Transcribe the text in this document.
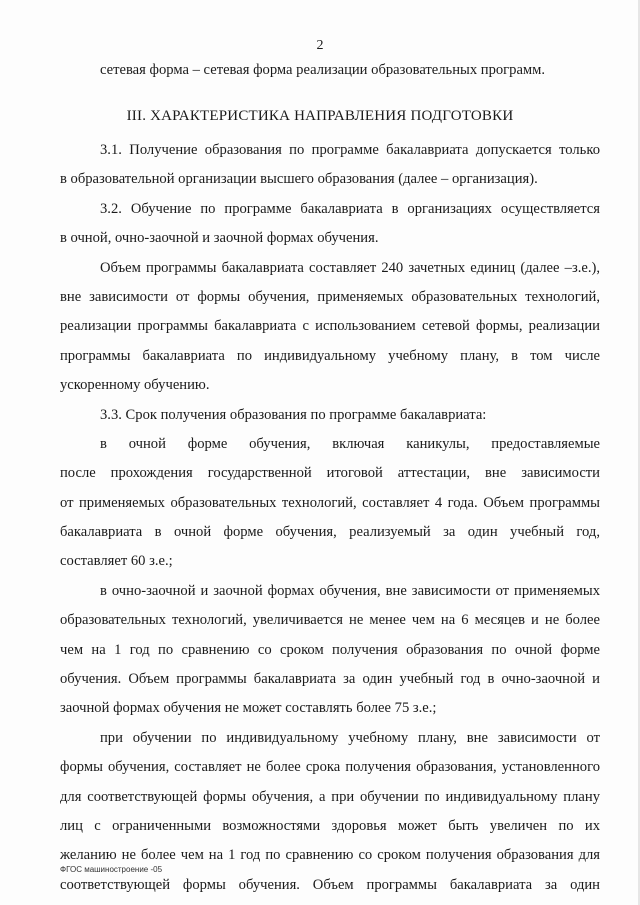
2
сетевая форма – сетевая форма реализации образовательных программ.
III. ХАРАКТЕРИСТИКА НАПРАВЛЕНИЯ ПОДГОТОВКИ
3.1. Получение образования по программе бакалавриата допускается только
в образовательной организации высшего образования (далее – организация).
3.2. Обучение по программе бакалавриата в организациях осуществляется
в очной, очно-заочной и заочной формах обучения.
Объем программы бакалавриата составляет 240 зачетных единиц (далее –з.е.),
вне зависимости от формы обучения, применяемых образовательных технологий,
реализации программы бакалавриата с использованием сетевой формы, реализации
программы бакалавриата по индивидуальному учебному плану, в том числе
ускоренному обучению.
3.3. Срок получения образования по программе бакалавриата:
в очной форме обучения, включая каникулы, предоставляемые
после прохождения государственной итоговой аттестации, вне зависимости
от применяемых образовательных технологий, составляет 4 года. Объем программы
бакалавриата в очной форме обучения, реализуемый за один учебный год,
составляет 60 з.е.;
в очно-заочной и заочной формах обучения, вне зависимости от применяемых
образовательных технологий, увеличивается не менее чем на 6 месяцев и не более
чем на 1 год по сравнению со сроком получения образования по очной форме
обучения. Объем программы бакалавриата за один учебный год в очно-заочной и
заочной формах обучения не может составлять более 75 з.е.;
при обучении по индивидуальному учебному плану, вне зависимости от
формы обучения, составляет не более срока получения образования, установленного
для соответствующей формы обучения, а при обучении по индивидуальному плану
лиц с ограниченными возможностями здоровья может быть увеличен по их
желанию не более чем на 1 год по сравнению со сроком получения образования для
соответствующей формы обучения. Объем программы бакалавриата за один
ФГОС машиностроение -05
